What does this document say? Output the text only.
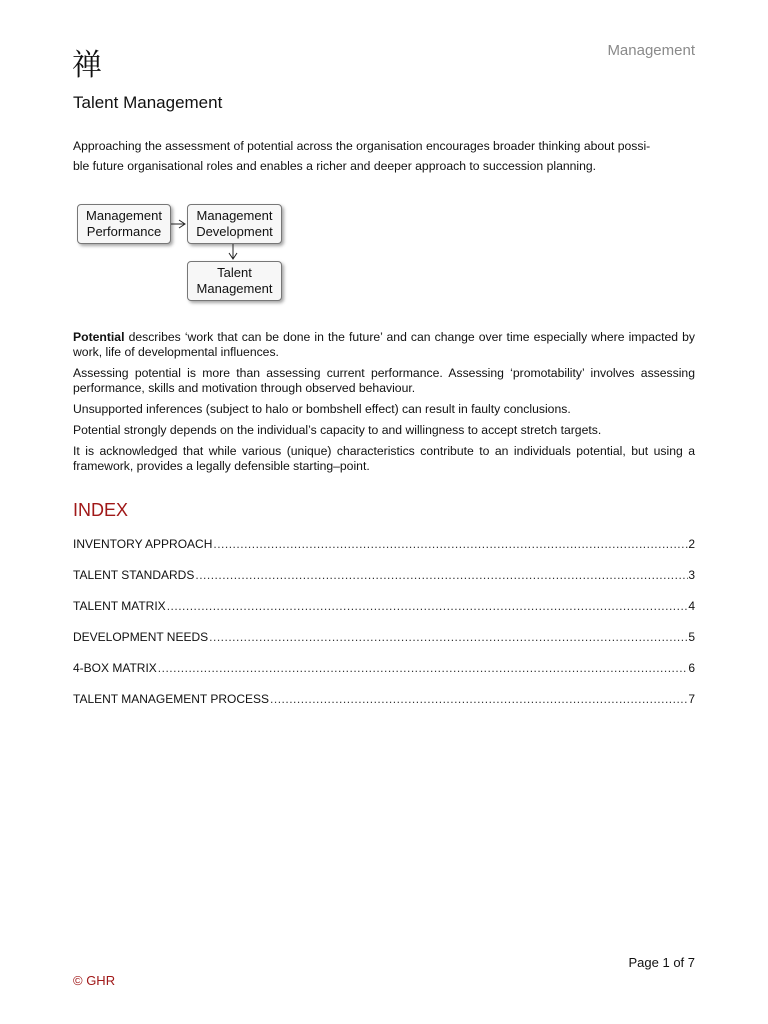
禅	Management
Talent Management
Approaching the assessment of potential across the organisation encourages broader thinking about possi-
ble future organisational roles and enables a richer and deeper approach to succession planning.
Management
Performance
Management
Development
Talent
Management

Potential describes ‘work that can be done in the future’ and can change over time especially where impacted by work, life of developmental influences.

Assessing potential is more than assessing current performance. Assessing ‘promotability’ involves assessing performance, skills and motivation through observed behaviour.

Unsupported inferences (subject to halo or bombshell effect) can result in faulty conclusions.

Potential strongly depends on the individual’s capacity to and willingness to accept stretch targets.

It is acknowledged that while various (unique) characteristics contribute to an individuals potential, but using a framework, provides a legally defensible starting–point.

INDEX
INVENTORY APPROACH .....	2
TALENT STANDARDS .....	3
TALENT MATRIX .....	4
DEVELOPMENT NEEDS .....	5
4-BOX MATRIX .....	6
TALENT MANAGEMENT PROCESS .....	7
Page 1 of 7
© GHR
